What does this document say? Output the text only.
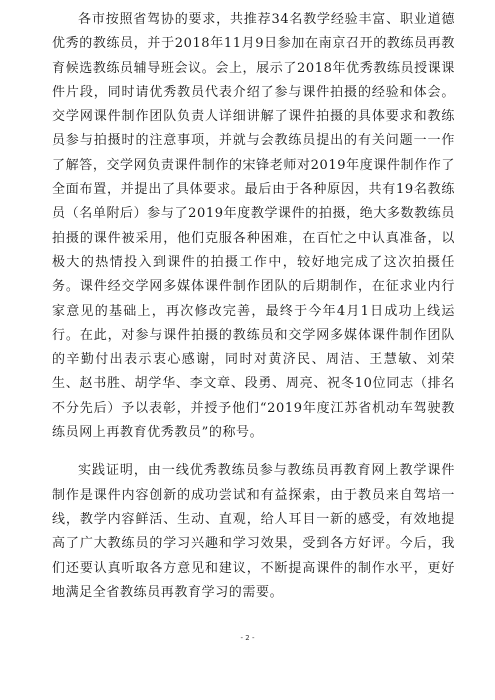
各市按照省驾协的要求，共推荐34名教学经验丰富、职业道德优秀的教练员，并于2018年11月9日参加在南京召开的教练员再教育候选教练员辅导班会议。会上，展示了2018年优秀教练员授课课件片段，同时请优秀教员代表介绍了参与课件拍摄的经验和体会。交学网课件制作团队负责人详细讲解了课件拍摄的具体要求和教练员参与拍摄时的注意事项，并就与会教练员提出的有关问题一一作了解答，交学网负责课件制作的宋锋老师对2019年度课件制作作了全面布置，并提出了具体要求。最后由于各种原因，共有19名教练员（名单附后）参与了2019年度教学课件的拍摄，绝大多数教练员拍摄的课件被采用，他们克服各种困难，在百忙之中认真准备，以极大的热情投入到课件的拍摄工作中，较好地完成了这次拍摄任务。课件经交学网多媒体课件制作团队的后期制作，在征求业内行家意见的基础上，再次修改完善，最终于今年4月1日成功上线运行。在此，对参与课件拍摄的教练员和交学网多媒体课件制作团队的辛勤付出表示衷心感谢，同时对黄济民、周洁、王慧敏、刘荣生、赵书胜、胡学华、李文章、段勇、周亮、祝冬10位同志（排名不分先后）予以表彰，并授予他们“2019年度江苏省机动车驾驶教练员网上再教育优秀教员”的称号。

实践证明，由一线优秀教练员参与教练员再教育网上教学课件制作是课件内容创新的成功尝试和有益探索，由于教员来自驾培一线，教学内容鲜活、生动、直观，给人耳目一新的感受，有效地提高了广大教练员的学习兴趣和学习效果，受到各方好评。今后，我们还要认真听取各方意见和建议，不断提高课件的制作水平，更好地满足全省教练员再教育学习的需要。

- 2 -
